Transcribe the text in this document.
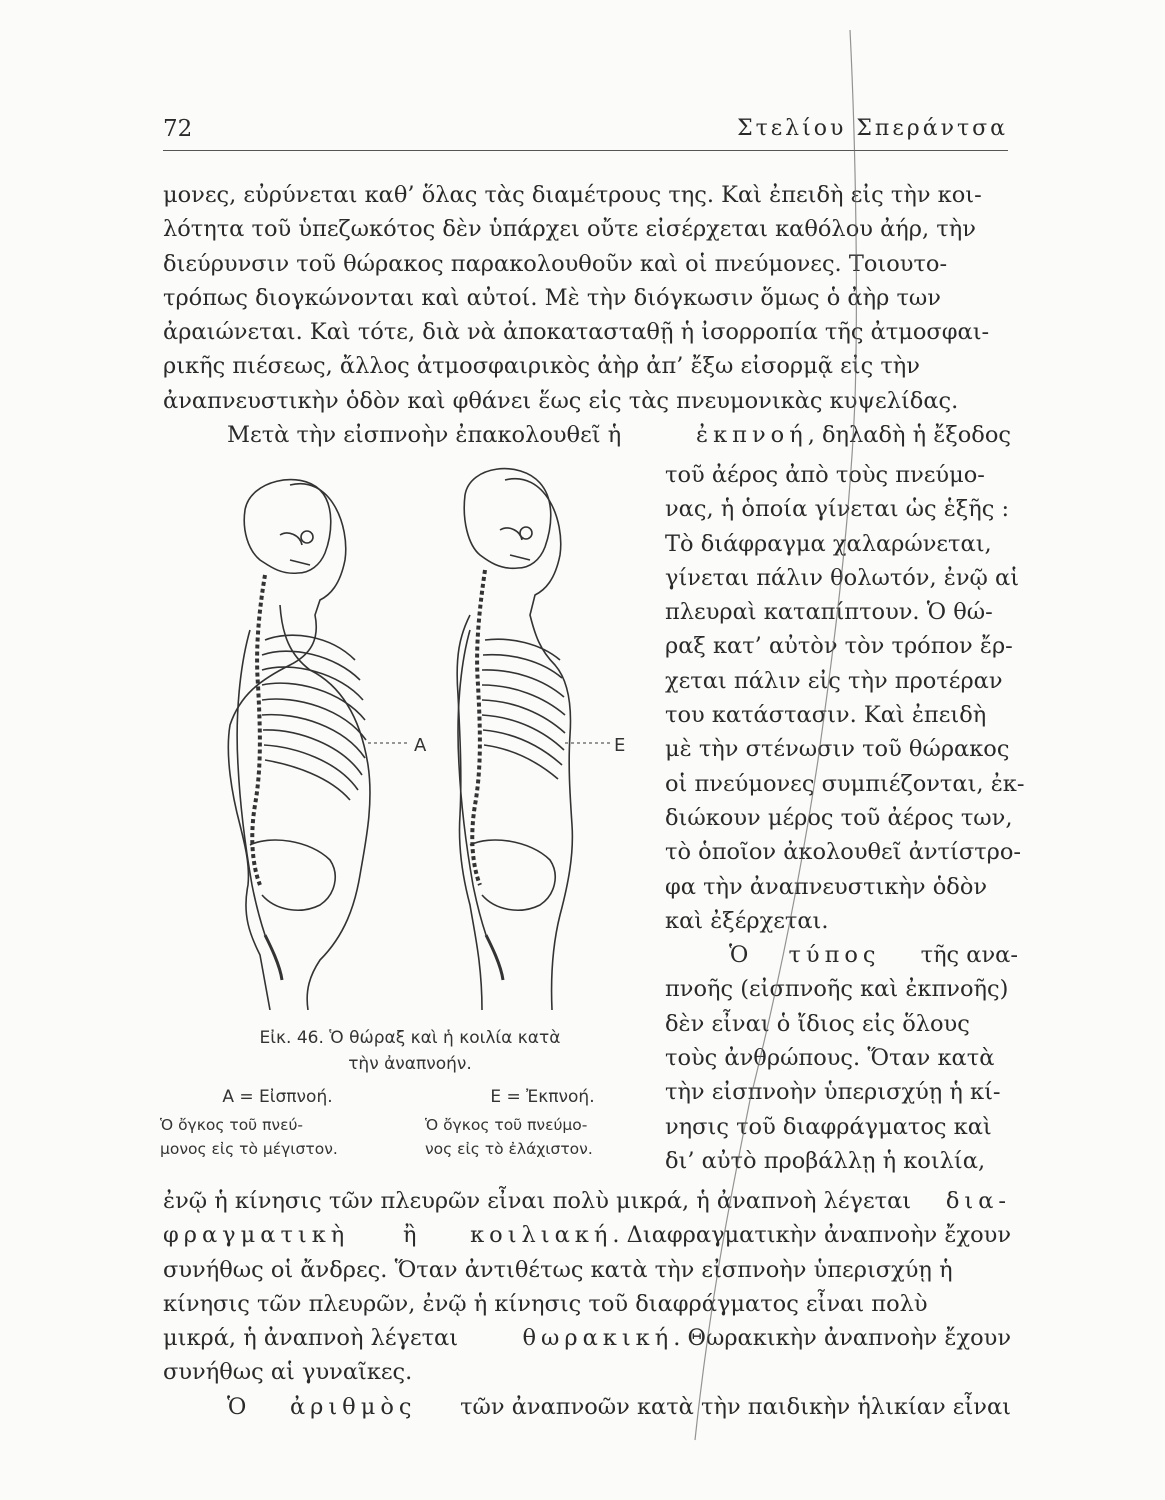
72	Στελίου Σπεράντσα
μονες, εὐρύνεται καθ’ ὅλας τὰς διαμέτρους της. Καὶ ἐπειδὴ εἰς τὴν κοι-
λότητα τοῦ ὑπεζωκότος δὲν ὑπάρχει οὔτε εἰσέρχεται καθόλου ἀήρ, τὴν
διεύρυνσιν τοῦ θώρακος παρακολουθοῦν καὶ οἱ πνεύμονες. Τοιουτο-
τρόπως διογκώνονται καὶ αὐτοί. Μὲ τὴν διόγκωσιν ὅμως ὁ ἀὴρ των
ἀραιώνεται. Καὶ τότε, διὰ νὰ ἀποκατασταθῇ ἡ ἰσορροπία τῆς ἀτμοσφαι-
ρικῆς πιέσεως, ἄλλος ἀτμοσφαιρικὸς ἀὴρ ἀπ’ ἔξω εἰσορμᾷ εἰς τὴν
ἀναπνευστικὴν ὁδὸν καὶ φθάνει ἕως εἰς τὰς πνευμονικὰς κυψελίδας.
Μετὰ τὴν εἰσπνοὴν ἐπακολουθεῖ ἡ	ἐκπνοή, δηλαδὴ ἡ ἔξοδος
τοῦ ἀέρος ἀπὸ τοὺς πνεύμο-
νας, ἡ ὁποία γίνεται ὡς ἑξῆς :
Τὸ διάφραγμα χαλαρώνεται,
γίνεται πάλιν θολωτόν, ἐνῷ αἱ
πλευραὶ καταπίπτουν. Ὁ θώ-
ραξ κατ’ αὐτὸν τὸν τρόπον ἔρ-
χεται πάλιν εἰς τὴν προτέραν
του κατάστασιν. Καὶ ἐπειδὴ
μὲ τὴν στένωσιν τοῦ θώρακος
οἱ πνεύμονες συμπιέζονται, ἐκ-
διώκουν μέρος τοῦ ἀέρος των,
τὸ ὁποῖον ἀκολουθεῖ ἀντίστρο-
φα τὴν ἀναπνευστικὴν ὁδὸν
καὶ ἐξέρχεται.
Ὁ τύπος τῆς ανα-
πνοῆς (εἰσπνοῆς καὶ ἐκπνοῆς)
δὲν εἶναι ὁ ἴδιος εἰς ὅλους
τοὺς ἀνθρώπους. Ὅταν κατὰ
τὴν εἰσπνοὴν ὑπερισχύῃ ἡ κί-
νησις τοῦ διαφράγματος καὶ
δι’ αὐτὸ προβάλλῃ ἡ κοιλία,
ἐνῷ ἡ κίνησις τῶν πλευρῶν εἶναι πολὺ μικρά, ἡ ἀναπνοὴ λέγεται δια-
φραγματικὴ ἢ κοιλιακή. Διαφραγματικὴν ἀναπνοὴν ἔχουν
συνήθως οἱ ἄνδρες. Ὅταν ἀντιθέτως κατὰ τὴν εἰσπνοὴν ὑπερισχύῃ ἡ
κίνησις τῶν πλευρῶν, ἐνῷ ἡ κίνησις τοῦ διαφράγματος εἶναι πολὺ
μικρά, ἡ ἀναπνοὴ λέγεται	θωρακική. Θωρακικὴν ἀναπνοὴν ἔχουν
συνήθως αἱ γυναῖκες.
Ὁ ἀριθμὸς τῶν ἀναπνοῶν κατὰ τὴν παιδικὴν ἡλικίαν εἶναι
A	E
Εἰκ. 46. Ὁ θώραξ καὶ ἡ κοιλία κατὰ
τὴν ἀναπνοήν.
A = Εἰσπνοή.
Ὁ ὄγκος τοῦ πνεύ-
μονος εἰς τὸ μέγιστον.
E = Ἐκπνοή.
Ὁ ὄγκος τοῦ πνεύμο-
νος εἰς τὸ ἐλάχιστον.
